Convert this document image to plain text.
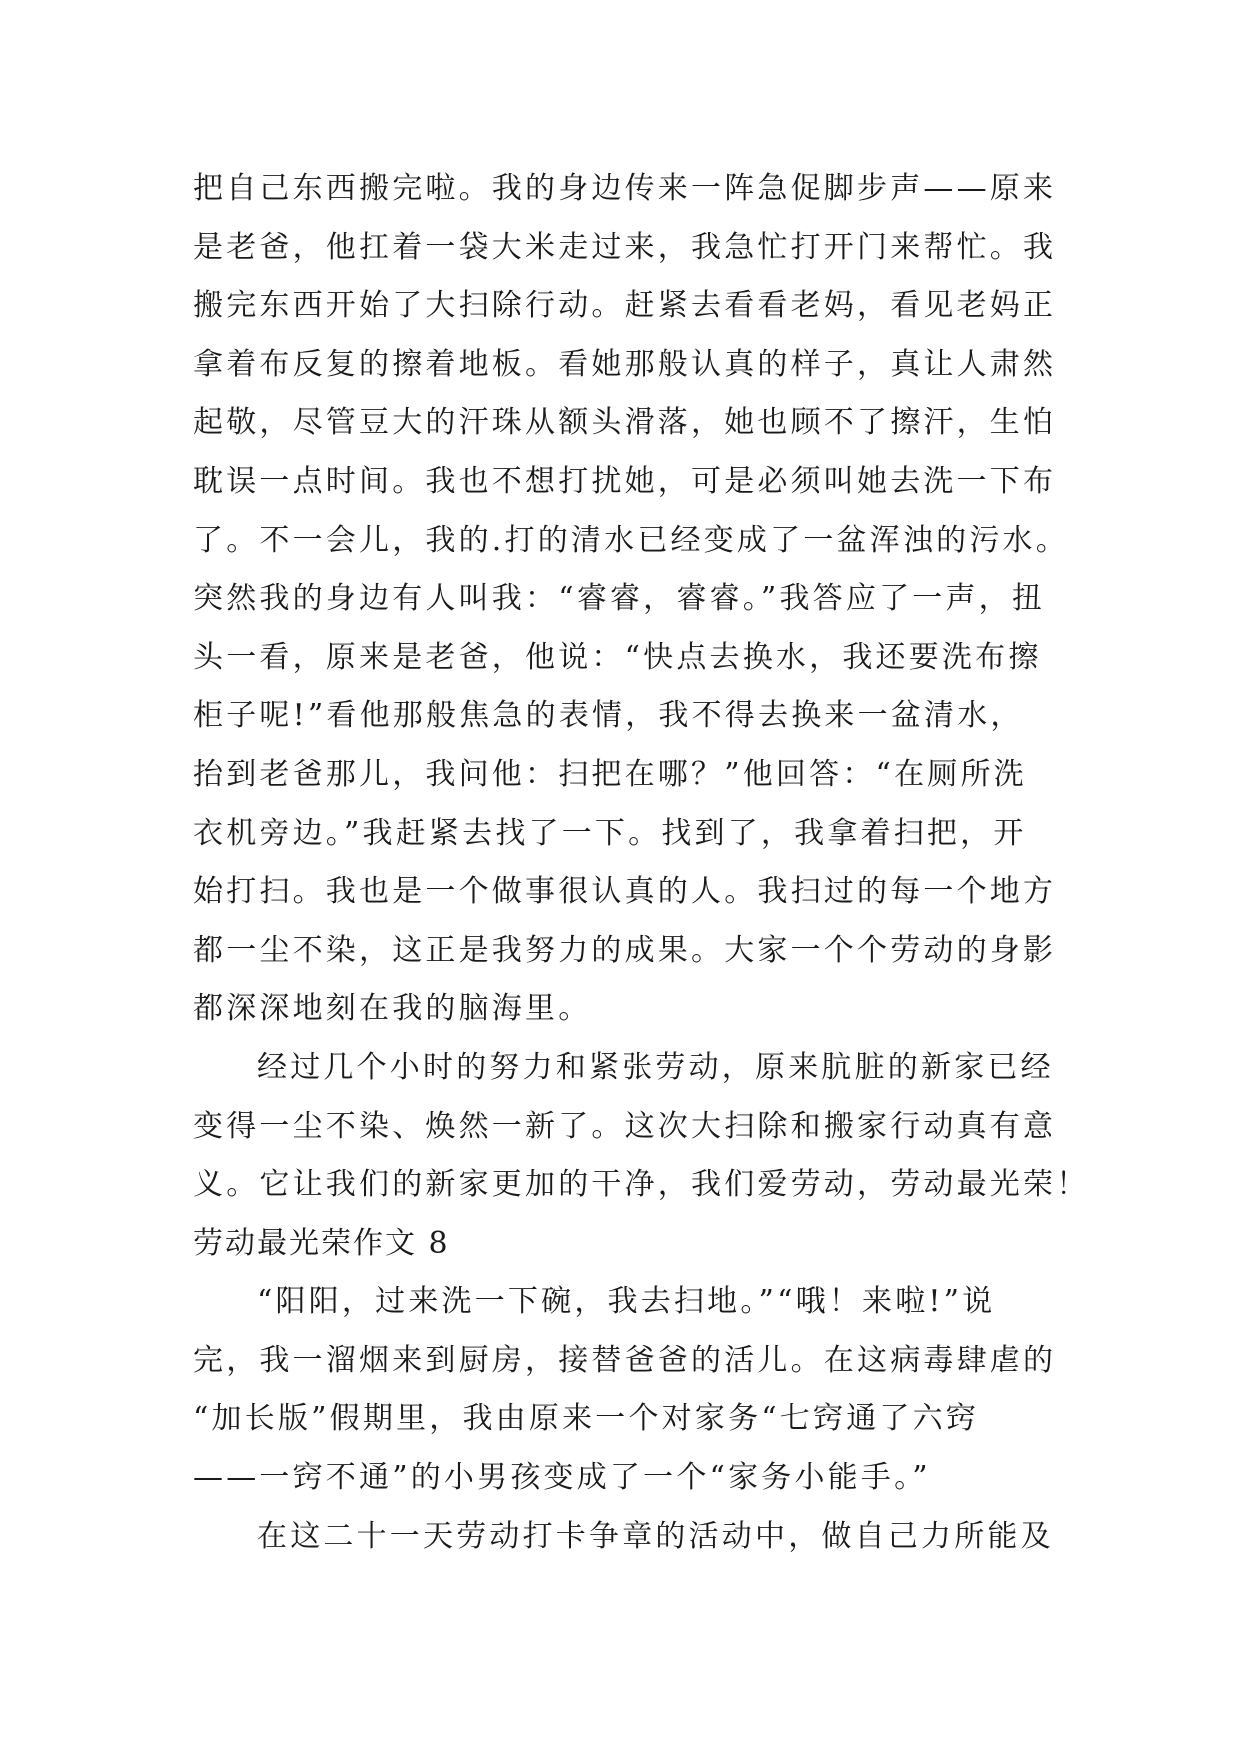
把自己东西搬完啦。我的身边传来一阵急促脚步声——原来
是老爸，他扛着一袋大米走过来，我急忙打开门来帮忙。我
搬完东西开始了大扫除行动。赶紧去看看老妈，看见老妈正
拿着布反复的擦着地板。看她那般认真的样子，真让人肃然
起敬，尽管豆大的汗珠从额头滑落，她也顾不了擦汗，生怕
耽误一点时间。我也不想打扰她，可是必须叫她去洗一下布
了。不一会儿，我的.打的清水已经变成了一盆浑浊的污水。
突然我的身边有人叫我：“睿睿，睿睿。”我答应了一声，扭
头一看，原来是老爸，他说：“快点去换水，我还要洗布擦
柜子呢!”看他那般焦急的表情，我不得去换来一盆清水，
抬到老爸那儿，我问他：扫把在哪？”他回答：“在厕所洗
衣机旁边。”我赶紧去找了一下。找到了，我拿着扫把，开
始打扫。我也是一个做事很认真的人。我扫过的每一个地方
都一尘不染，这正是我努力的成果。大家一个个劳动的身影
都深深地刻在我的脑海里。
经过几个小时的努力和紧张劳动，原来肮脏的新家已经
变得一尘不染、焕然一新了。这次大扫除和搬家行动真有意
义。它让我们的新家更加的干净，我们爱劳动，劳动最光荣！
劳动最光荣作文 8
“阳阳，过来洗一下碗，我去扫地。”“哦！来啦!”说
完，我一溜烟来到厨房，接替爸爸的活儿。在这病毒肆虐的
“加长版”假期里，我由原来一个对家务“七窍通了六窍
——一窍不通”的小男孩变成了一个“家务小能手。”
在这二十一天劳动打卡争章的活动中，做自己力所能及
